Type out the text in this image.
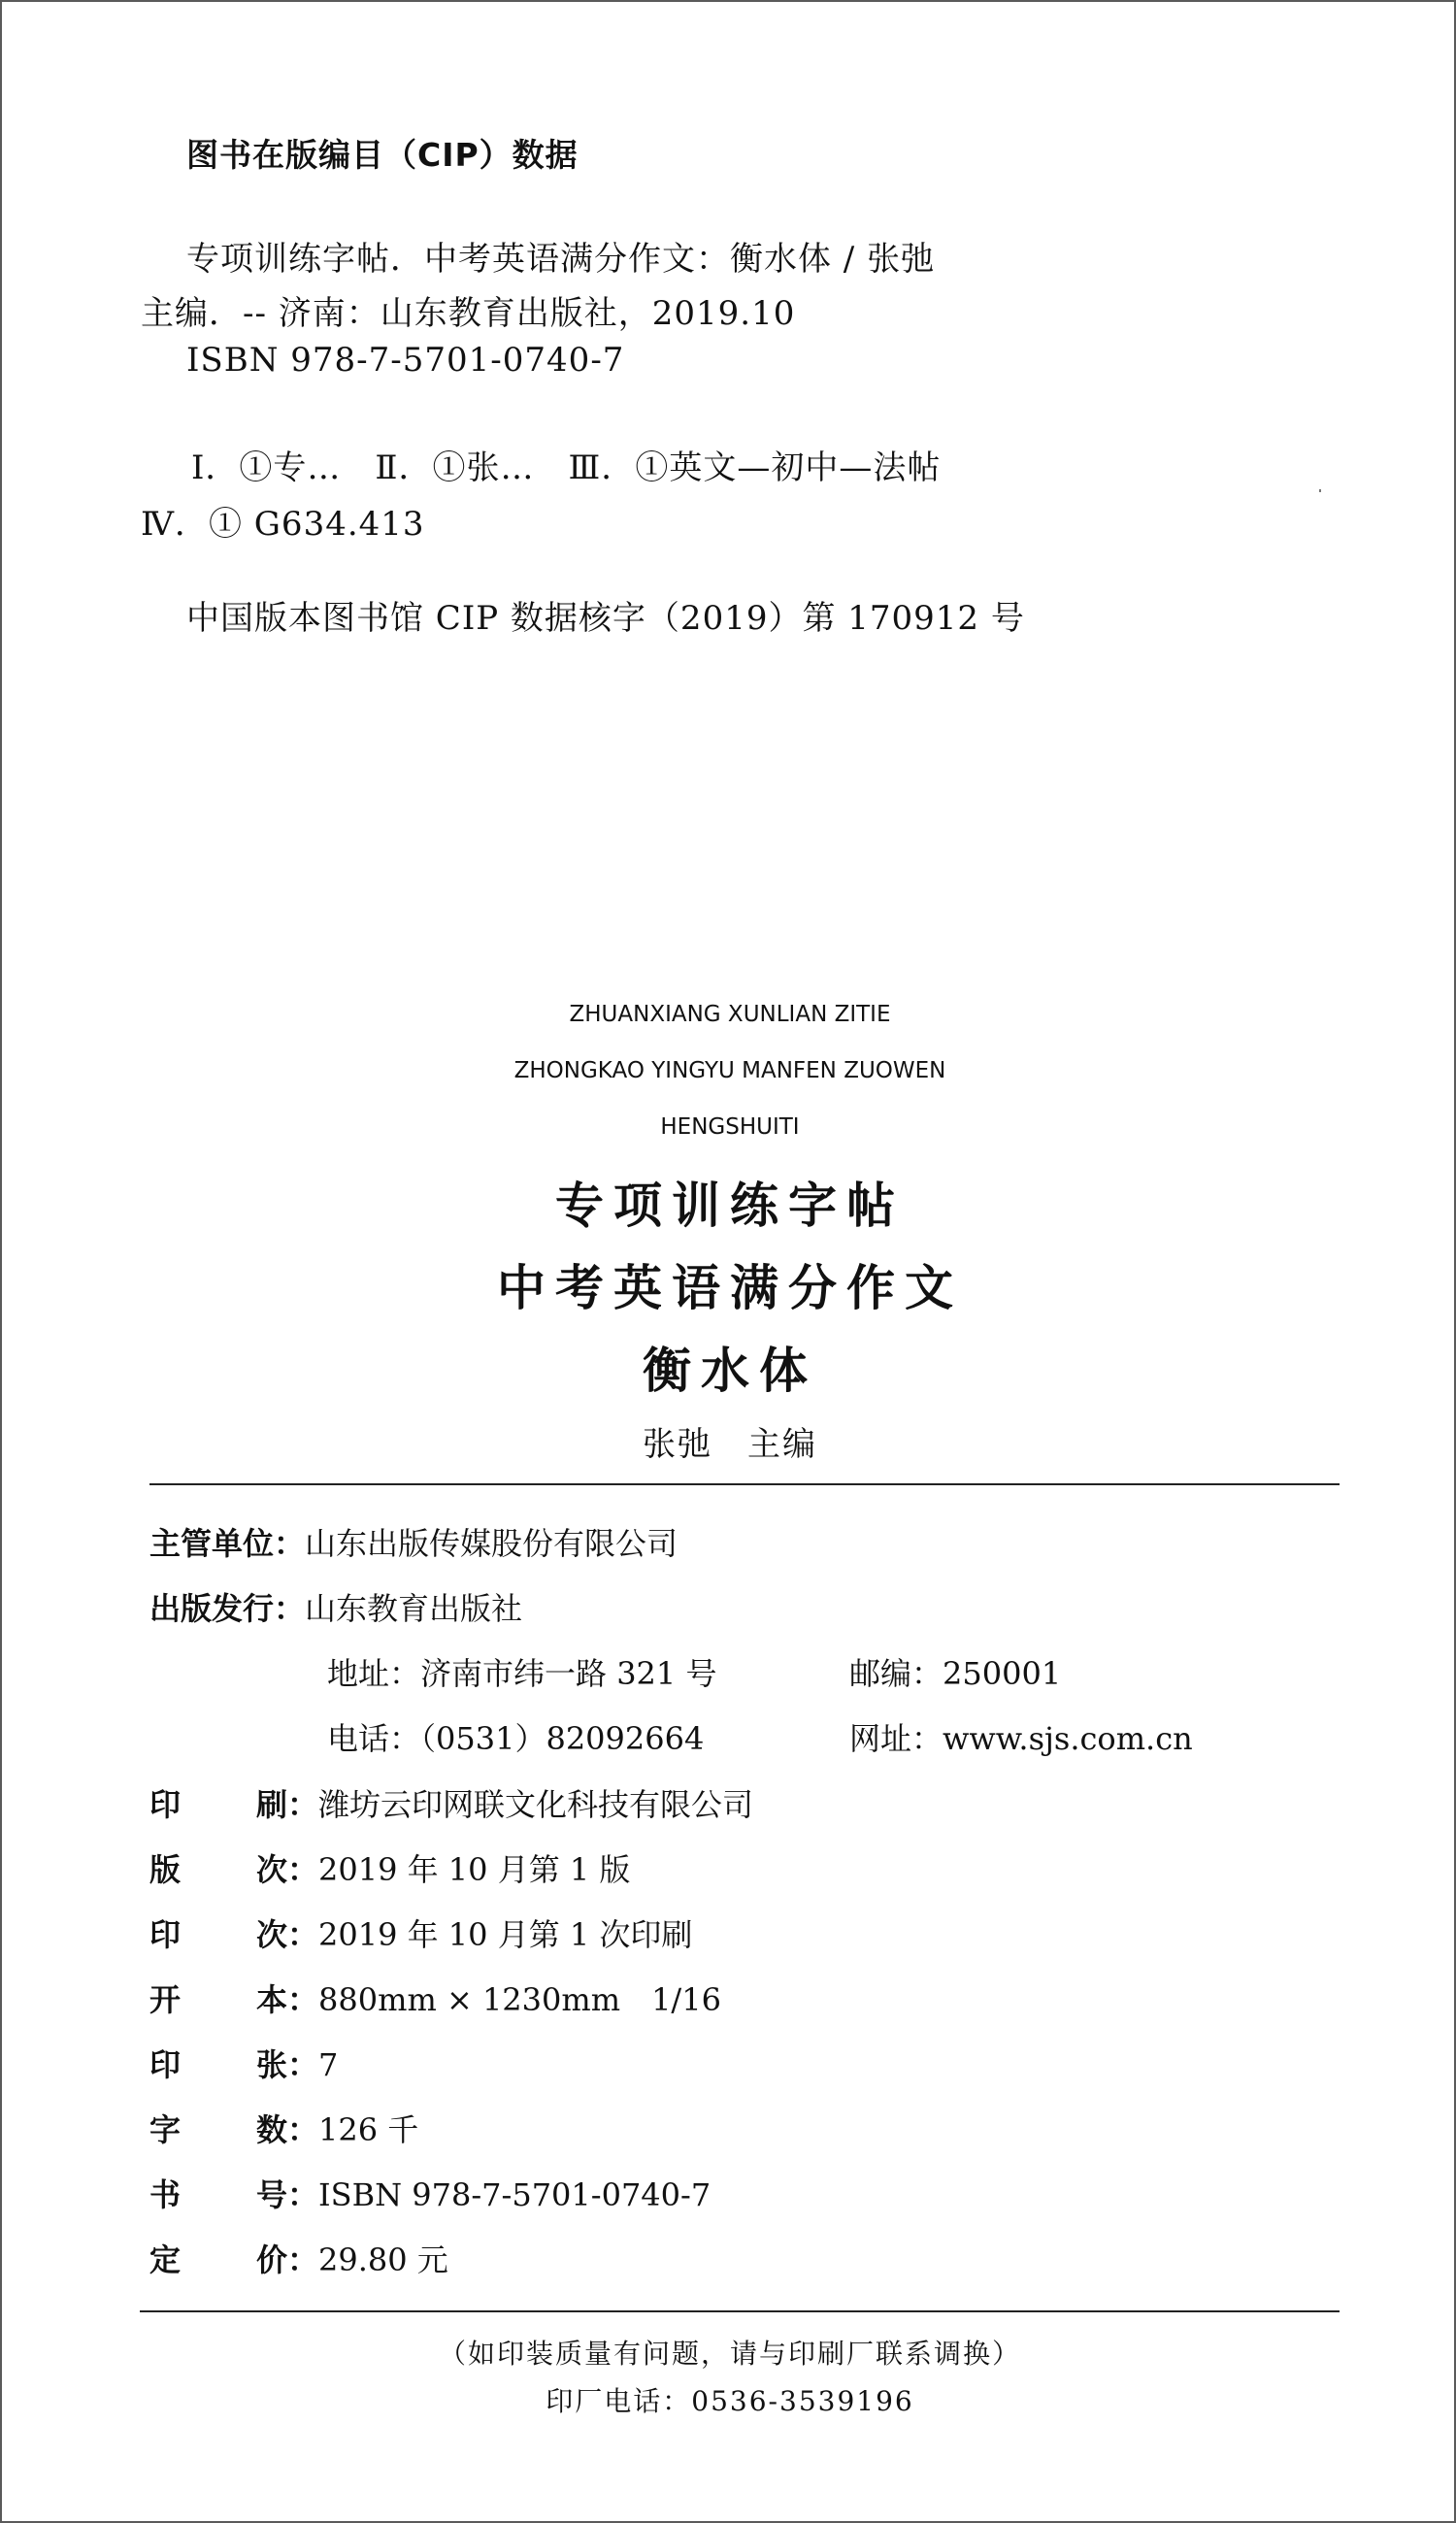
图书在版编目（CIP）数据
专项训练字帖．中考英语满分作文：衡水体 / 张弛
主编．-- 济南：山东教育出版社，2019.10
ISBN 978-7-5701-0740-7
Ⅰ．①专…　Ⅱ．①张…　Ⅲ．①英文—初中—法帖
Ⅳ．① G634.413
中国版本图书馆 CIP 数据核字（2019）第 170912 号
ZHUANXIANG XUNLIAN ZITIE
ZHONGKAO YINGYU MANFEN ZUOWEN
HENGSHUITI
专项训练字帖
中考英语满分作文
衡水体
张弛　主编
主管单位：山东出版传媒股份有限公司
出版发行：山东教育出版社
地址：济南市纬一路 321 号	邮编：250001
电话：（0531）82092664	网址：www.sjs.com.cn
印 刷：潍坊云印网联文化科技有限公司
版 次：2019 年 10 月第 1 版
印 次：2019 年 10 月第 1 次印刷
开 本：880mm × 1230mm　1/16
印 张：7
字 数：126 千
书 号：ISBN 978-7-5701-0740-7
定 价：29.80 元
（如印装质量有问题，请与印刷厂联系调换）
印厂电话：0536-3539196
